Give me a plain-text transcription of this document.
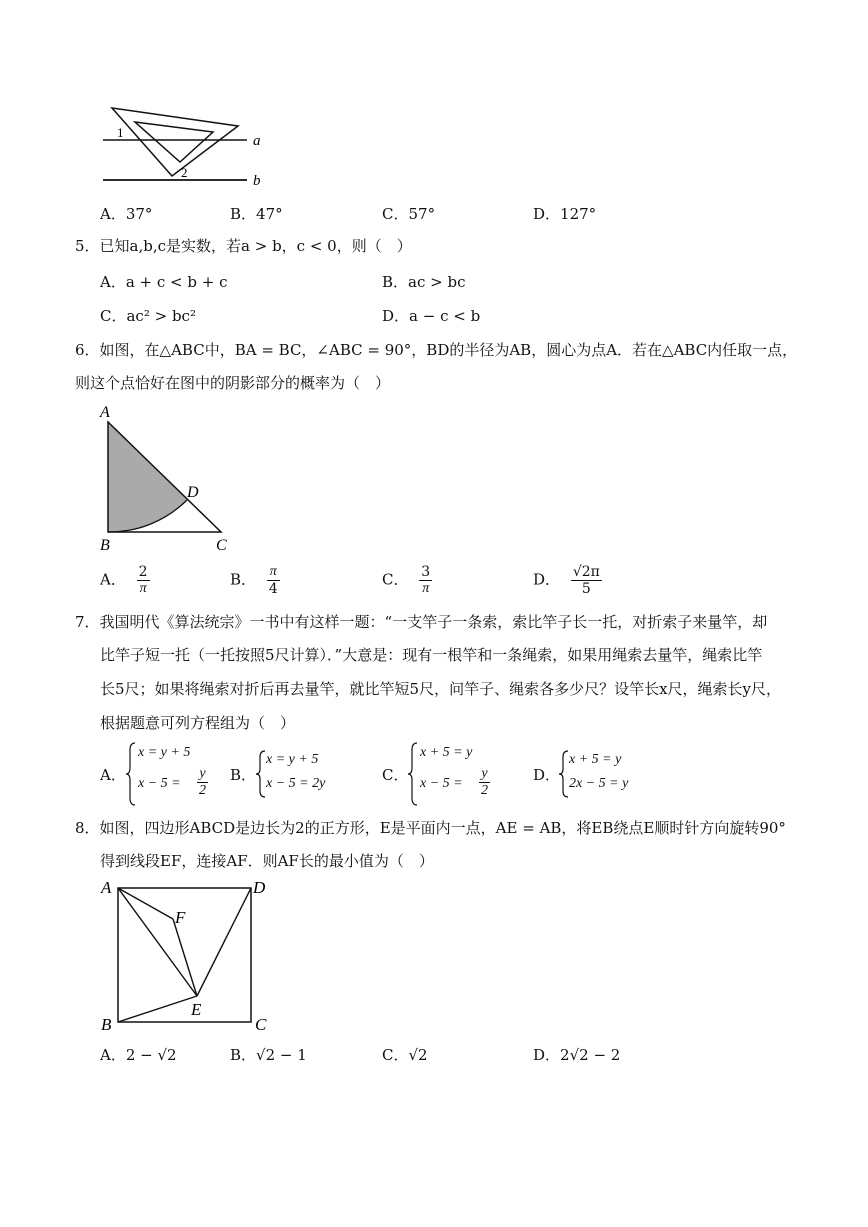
a
b
1
2
A．37°	B．47°	C．57°	D．127°
5．已知a,b,c是实数，若a > b，c < 0，则（　）
A．a + c < b + c	B．ac > bc
C．ac² > bc²	D．a − c < b
6．如图，在△ABC中，BA = BC，∠ABC = 90°，BD的半径为AB，圆心为点A．若在△ABC内任取一点，
则这个点恰好在图中的阴影部分的概率为（　）
A
B	C
D
A． $\frac{2}{\pi}$	B． $\frac{\pi}{4}$	C． $\frac{3}{\pi}$	D． $\frac{√2\pi}{5}$
7．我国明代《算法统宗》一书中有这样一题：“一支竿子一条索，索比竿子长一托，对折索子来量竿，却
比竿子短一托（一托按照5尺计算）．”大意是：现有一根竿和一条绳索，如果用绳索去量竿，绳索比竿
长5尺；如果将绳索对折后再去量竿，就比竿短5尺，问竿子、绳索各多少尺？设竿长x尺，绳索长y尺，
根据题意可列方程组为（　）
A．
x = y + 5
$x - 5 = \frac{y}{2}$ B．
x = y + 5
x − 5 = 2y	C．
x + 5 = y
$x - 5 = \frac{y}{2}$	D．
x + 5 = y
2x − 5 = y
8．如图，四边形ABCD是边长为2的正方形，E是平面内一点，AE = AB，将EB绕点E顺时针方向旋转90°
得到线段EF，连接AF．则AF长的最小值为（　）
A	D
B	C
E
F
A．2 − √2	B．√2 − 1	C．√2	D．2√2 − 2
